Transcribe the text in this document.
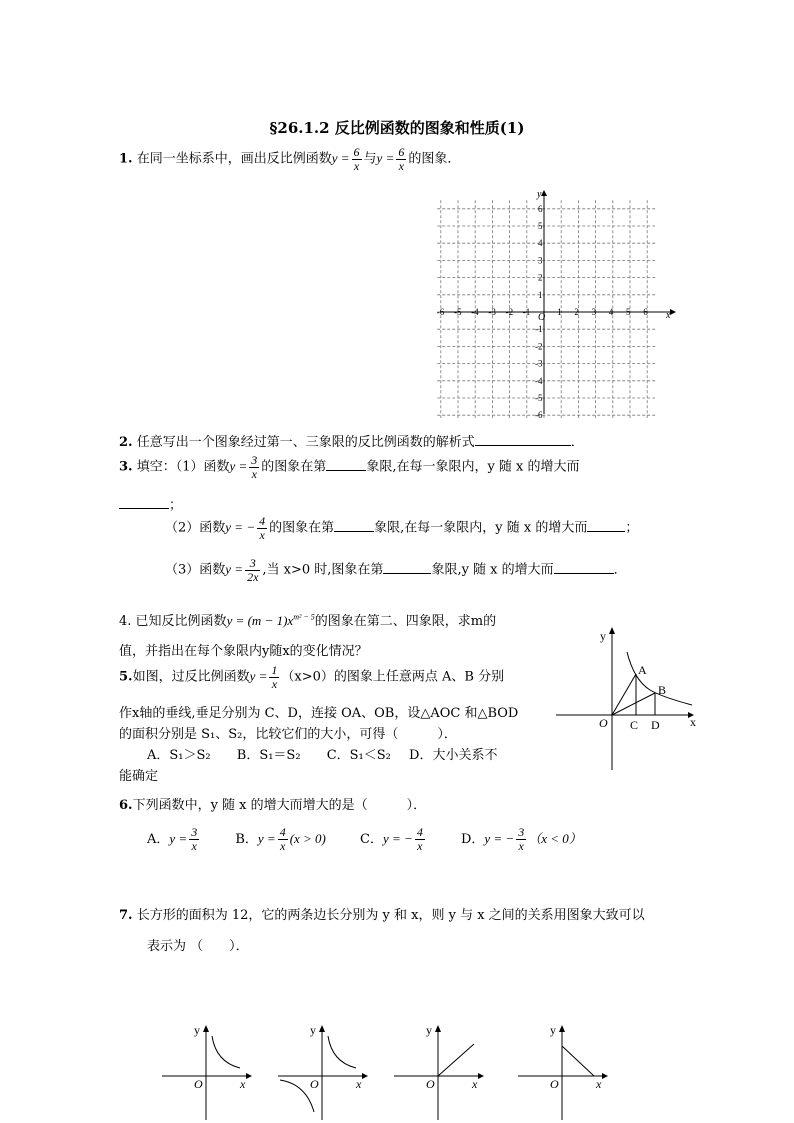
§26.1.2 反比例函数的图象和性质(1)
1. 在同一坐标系中，画出反比例函数$y = \frac{6}{x}$ 与$y = \frac{6}{x}$ 的图象．
x
y
O
-6 -5 -4 -3 -2 -1	1 2 3 4 5 6
6
5
4
3
2
1
-1
-2
-3
-4
-5
-6
2. 任意写出一个图象经过第一、三象限的反比例函数的解析式	．
3. 填空：（1）函数$y = \frac{3}{x}$ 的图象在第	象限,在每一象限内，y 随 x 的增大而
；
（2）函数y = − $\frac{4}{x}$ 的图象在第	象限,在每一象限内，y 随 x 的增大而	；
（3）函数$y = \frac{3}{2x}$ ,当 x>0 时,图象在第	象限,y 随 x 的增大而	．
4. 已知反比例函数$y = (m - 1)x^{m^2 - 5}$的图象在第二、四象限，求m的
值，并指出在每个象限内y随x的变化情况？
5.如图，过反比例函数$y = \frac{1}{x} (x>0)$的图象上任意两点 A、B 分别
作x轴的垂线,垂足分别为 C、D，连接 OA、OB，设△AOC 和△BOD
的面积分别是 S₁、S₂，比较它们的大小，可得（　　　）．
A．S₁＞S₂ B．S₁＝S₂ C．S₁＜S₂ D．大小关系不
能确定
y
x
O
A
B
C D
6.下列函数中，y 随 x 的增大而增大的是（　　　）．
A．$y = \frac{3}{x}$	B．$y = \frac{4}{x} (x > 0)$	C．y = − $\frac{4}{x}$	D．y = − $\frac{3}{x} (x < 0)$
7. 长方形的面积为 12，它的两条边长分别为 y 和 x，则 y 与 x 之间的关系用图象大致可以
表示为 （　　）．
y
x
O
y
x
O
y
x
O
y
x
O
